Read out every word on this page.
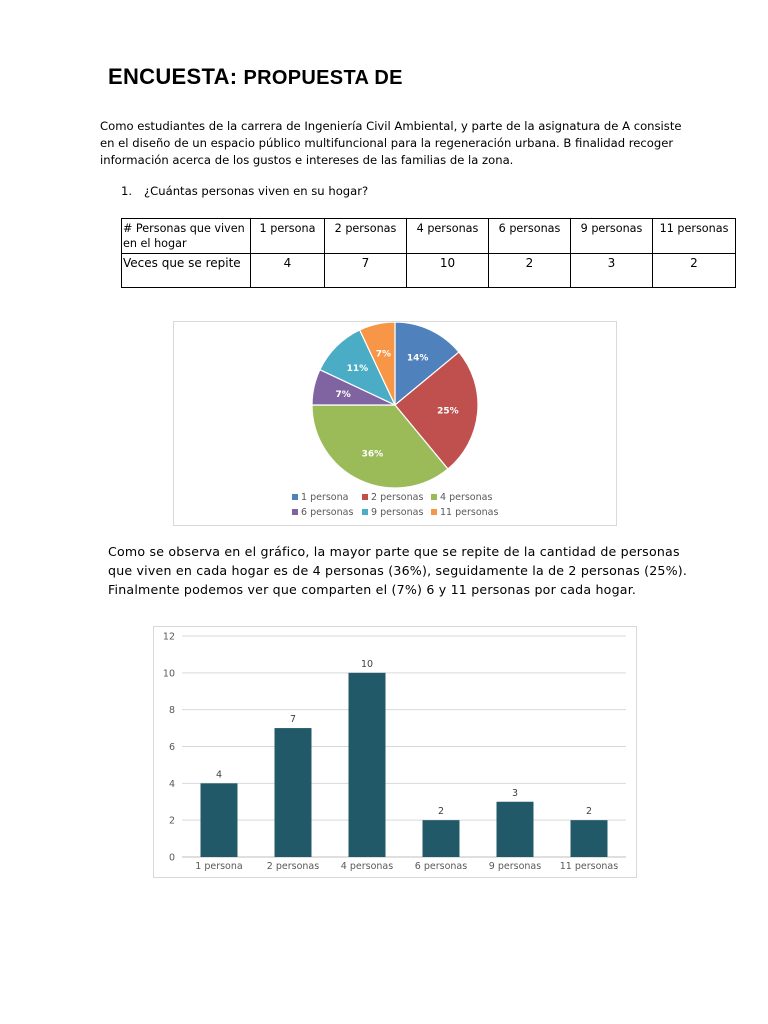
ENCUESTA: PROPUESTA DE

Como estudiantes de la carrera de Ingeniería Civil Ambiental, y parte de la asignatura de A consiste

en el diseño de un espacio público multifuncional para la regeneración urbana. B finalidad recoger

información acerca de los gustos e intereses de las familias de la zona.

1. ¿Cuántas personas viven en su hogar?
# Personas que viven en el hogar	1 persona	2 personas	4 personas	6 personas	9 personas	11 personas
Veces que se repite	4	7	10	2	3	2
14%
25%
36%
7%
11%
7%
1 persona 2 personas 4 personas
6 personas 9 personas 11 personas

Como se observa en el gráfico, la mayor parte que se repite de la cantidad de personas

que viven en cada hogar es de 4 personas (36%), seguidamente la de 2 personas (25%).

Finalmente podemos ver que comparten el (7%) 6 y 11 personas por cada hogar.

0
2
4
6
8
10
12
4
1 persona
7
2 personas
10
4 personas
2
6 personas
3
9 personas
2
11 personas
